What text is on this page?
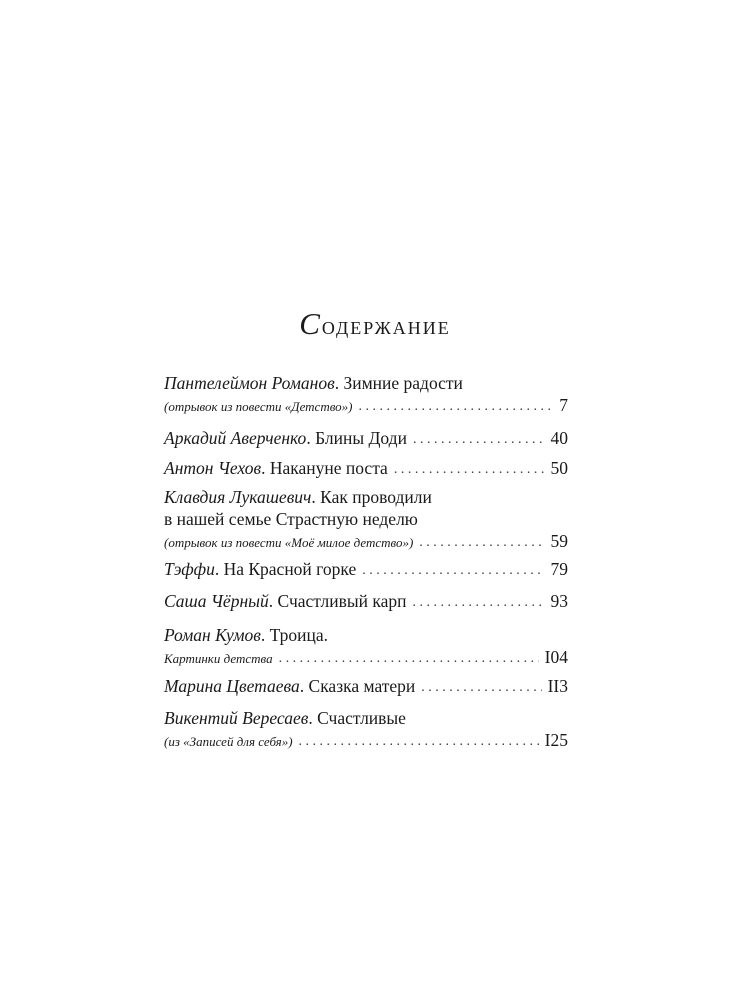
Содержание
Пантелеймон Романов . Зимние радости
(отрывок из повести «Детство») . . .	7
Аркадий Аверченко . Блины Доди . . .	40
Антон Чехов . Накануне поста . . .	50
Клавдия Лукашевич . Как проводили
в нашей семье Страстную неделю
(отрывок из повести «Моё милое детство») . . .	59
Тэффи . На Красной горке . . .	79
Саша Чёрный . Счастливый карп . . .	93
Роман Кумов . Троица.
Картинки детства . . .	I04
Марина Цветаева . Сказка матери . . .	II3
Викентий Вересаев . Счастливые
(из «Записей для себя») . . .	I25
